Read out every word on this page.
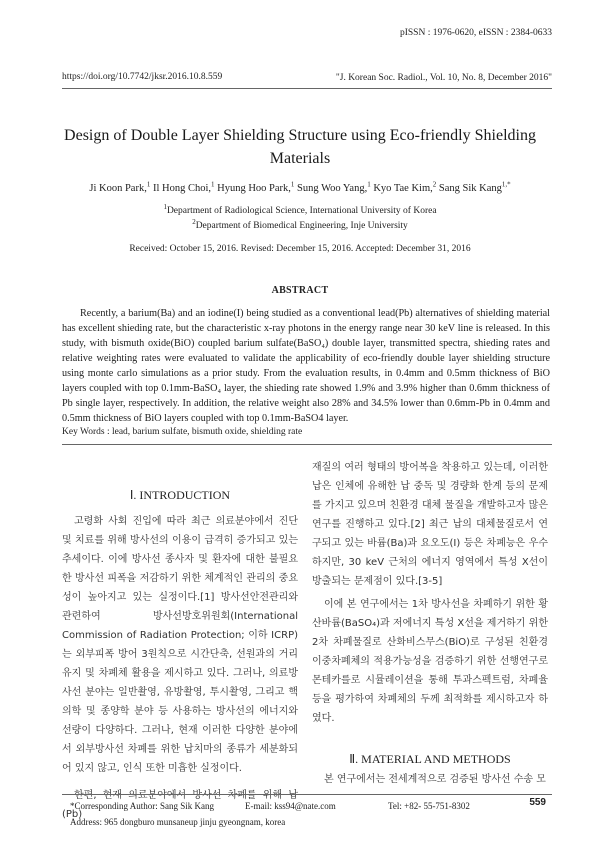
pISSN : 1976-0620, eISSN : 2384-0633
https://doi.org/10.7742/jksr.2016.10.8.559	"J. Korean Soc. Radiol., Vol. 10, No. 8, December 2016"
Design of Double Layer Shielding Structure using Eco-friendly Shielding
Materials
Ji Koon Park,$^1$ Il Hong Choi,$^1$ Hyung Hoo Park,$^1$ Sung Woo Yang,$^1$ Kyo Tae Kim,$^2$ Sang Sik Kang$^{1,*}$
$^1$Department of Radiological Science, International University of Korea
$^2$Department of Biomedical Engineering, Inje University
Received: October 15, 2016. Revised: December 15, 2016. Accepted: December 31, 2016
ABSTRACT
Recently, a barium(Ba) and an iodine(I) being studied as a conventional lead(Pb) alternatives of shielding material has excellent shieding rate, but the characteristic x-ray photons in the energy range near 30 keV line is released. In this study, with bismuth oxide(BiO) coupled barium sulfate(BaSO₄) double layer, transmitted spectra, shieding rates and relative weighting rates were evaluated to validate the applicability of eco-friendly double layer shielding structure using monte carlo simulations as a prior study. From the evaluation results, in 0.4mm and 0.5mm thickness of BiO layers coupled with top 0.1mm-BaSO₄ layer, the shieding rate showed 1.9% and 3.9% higher than 0.6mm thickness of Pb single layer, respectively. In addition, the relative weight also 28% and 34.5% lower than 0.6mm-Pb in 0.4mm and 0.5mm thickness of BiO layers coupled with top 0.1mm-BaSO4 layer.
Key Words : lead, barium sulfate, bismuth oxide, shielding rate
Ⅰ. INTRODUCTION

고령화 사회 진입에 따라 최근 의료분야에서 진단 및 치료를 위해 방사선의 이용이 급격히 증가되고 있는 추세이다. 이에 방사선 종사자 및 환자에 대한 불필요한 방사선 피폭을 저감하기 위한 체계적인 관리의 중요성이 높아지고 있는 실정이다.[1] 방사선안전관리와 관련하여 방사선방호위원회(International Commission of Radiation Protection; 이하 ICRP)는 외부피폭 방어 3원칙으로 시간단축, 선원과의 거리유지 및 차폐체 활용을 제시하고 있다. 그러나, 의료방사선 분야는 일반촬영, 유방촬영, 투시촬영, 그리고 핵의학 및 종양학 분야 등 사용하는 방사선의 에너지와 선량이 다양하다. 그러나, 현재 이러한 다양한 분야에서 외부방사선 차폐를 위한 납치마의 종류가 세분화되어 있지 않고, 인식 또한 미흡한 실정이다.

한편, 현재 의료분야에서 방사선 차폐를 위해 납(Pb)

재질의 여러 형태의 방어복을 착용하고 있는데, 이러한 납은 인체에 유해한 납 중독 및 경량화 한계 등의 문제를 가지고 있으며 친환경 대체 물질을 개발하고자 많은 연구를 진행하고 있다.[2] 최근 납의 대체물질로서 연구되고 있는 바륨(Ba)과 요오도(I) 등은 차폐능은 우수하지만, 30 keV 근처의 에너지 영역에서 특성 X선이 방출되는 문제점이 있다.[3-5]

이에 본 연구에서는 1차 방사선을 차폐하기 위한 황산바륨(BaSO₄)과 저에너지 특성 X선을 제거하기 위한 2차 차폐물질로 산화비스무스(BiO)로 구성된 친환경 이중차폐체의 적용가능성을 검증하기 위한 선행연구로 몬테카를로 시뮬레이션을 통해 투과스펙트럼, 차폐율 등을 평가하여 차폐체의 두께 최적화를 제시하고자 하였다.

Ⅱ. MATERIAL AND METHODS

본 연구에서는 전세계적으로 검증된 방사선 수송 모

*Corresponding Author: Sang Sik Kang	E-mail: kss94@nate.com	Tel: +82- 55-751-8302	559
Address: 965 dongburo munsanеup jinju gyeongnam, korea
